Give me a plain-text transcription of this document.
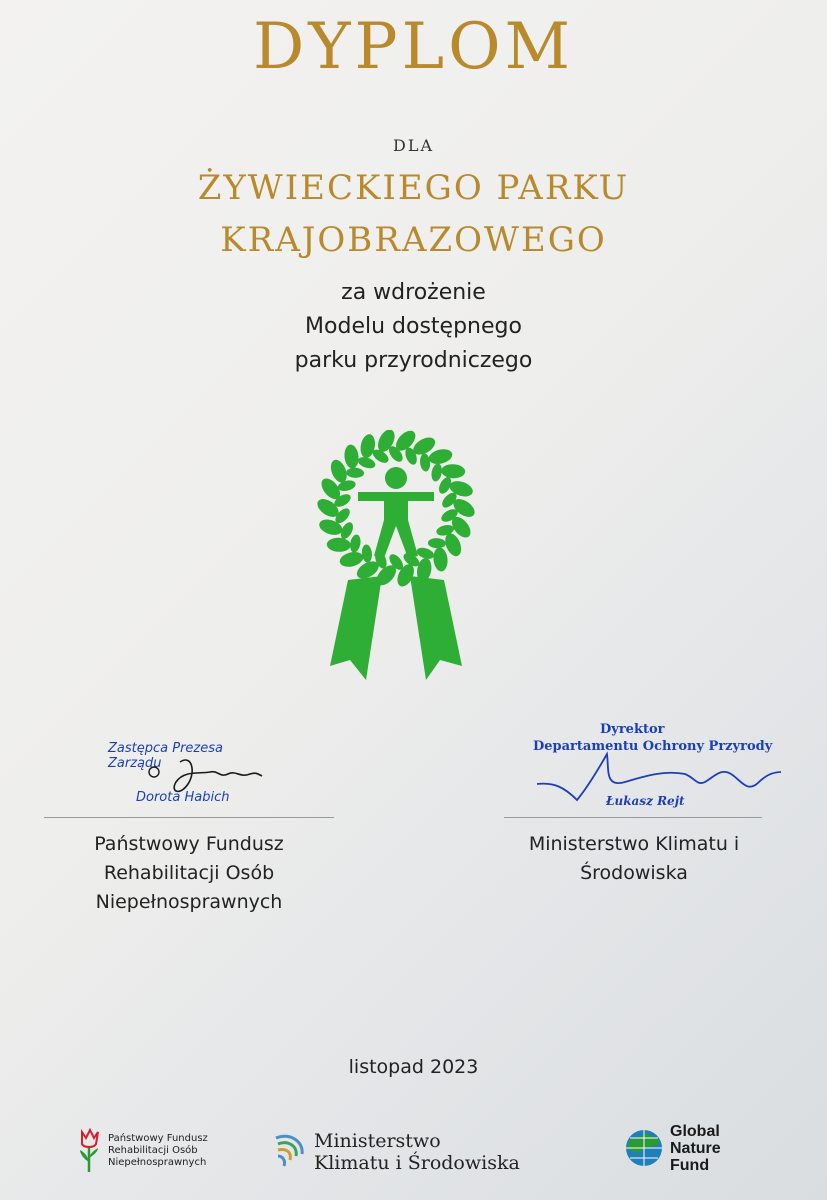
DYPLOM
DLA
ŻYWIECKIEGO PARKU
KRAJOBRAZOWEGO
za wdrożenie
Modelu dostępnego
parku przyrodniczego
Zastępca Prezesa Zarządu
Dorota Habich
Państwowy Fundusz
Rehabilitacji Osób
Niepełnosprawnych
Dyrektor
Departamentu Ochrony Przyrody
Łukasz Rejt
Ministerstwo Klimatu i
Środowiska
listopad 2023
Państwowy Fundusz
Rehabilitacji Osób
Niepełnosprawnych
Ministerstwo
Klimatu i Środowiska
Global
Nature
Fund
